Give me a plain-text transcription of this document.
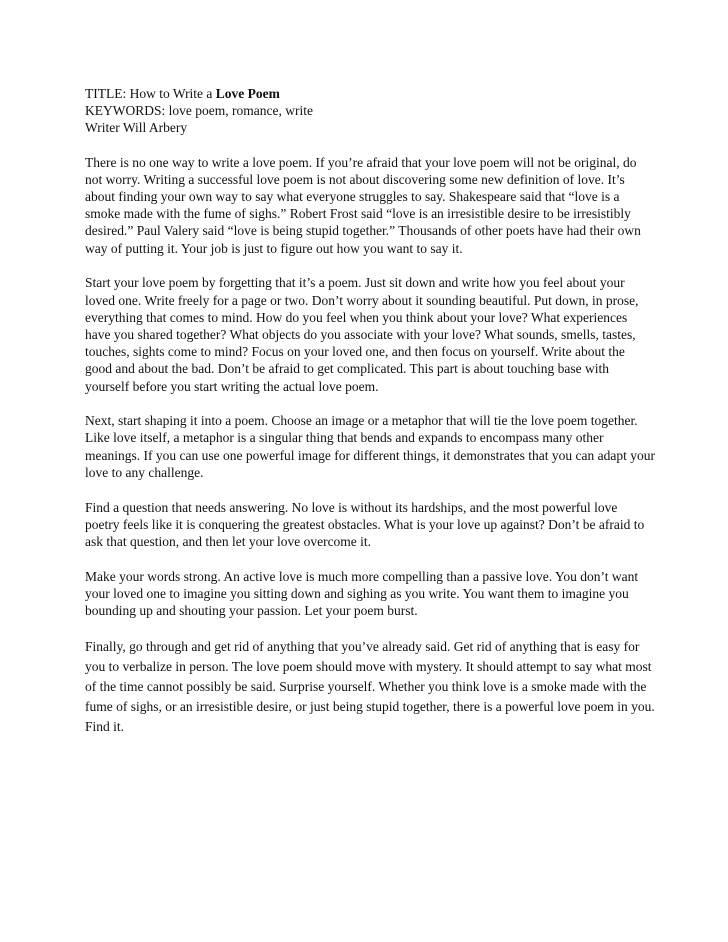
TITLE: How to Write a Love Poem

KEYWORDS: love poem, romance, write

Writer Will Arbery

There is no one way to write a love poem. If you’re afraid that your love poem will not be original, do not worry. Writing a successful love poem is not about discovering some new definition of love. It’s about finding your own way to say what everyone struggles to say. Shakespeare said that “love is a smoke made with the fume of sighs.” Robert Frost said “love is an irresistible desire to be irresistibly desired.” Paul Valery said “love is being stupid together.” Thousands of other poets have had their own way of putting it. Your job is just to figure out how you want to say it.

Start your love poem by forgetting that it’s a poem. Just sit down and write how you feel about your loved one. Write freely for a page or two. Don’t worry about it sounding beautiful. Put down, in prose, everything that comes to mind. How do you feel when you think about your love? What experiences have you shared together? What objects do you associate with your love? What sounds, smells, tastes, touches, sights come to mind? Focus on your loved one, and then focus on yourself. Write about the good and about the bad. Don’t be afraid to get complicated. This part is about touching base with yourself before you start writing the actual love poem.

Next, start shaping it into a poem. Choose an image or a metaphor that will tie the love poem together. Like love itself, a metaphor is a singular thing that bends and expands to encompass many other meanings. If you can use one powerful image for different things, it demonstrates that you can adapt your love to any challenge.

Find a question that needs answering. No love is without its hardships, and the most powerful love poetry feels like it is conquering the greatest obstacles. What is your love up against? Don’t be afraid to ask that question, and then let your love overcome it.

Make your words strong. An active love is much more compelling than a passive love. You don’t want your loved one to imagine you sitting down and sighing as you write. You want them to imagine you bounding up and shouting your passion. Let your poem burst.

Finally, go through and get rid of anything that you’ve already said. Get rid of anything that is easy for you to verbalize in person. The love poem should move with mystery. It should attempt to say what most of the time cannot possibly be said. Surprise yourself. Whether you think love is a smoke made with the fume of sighs, or an irresistible desire, or just being stupid together, there is a powerful love poem in you. Find it.
